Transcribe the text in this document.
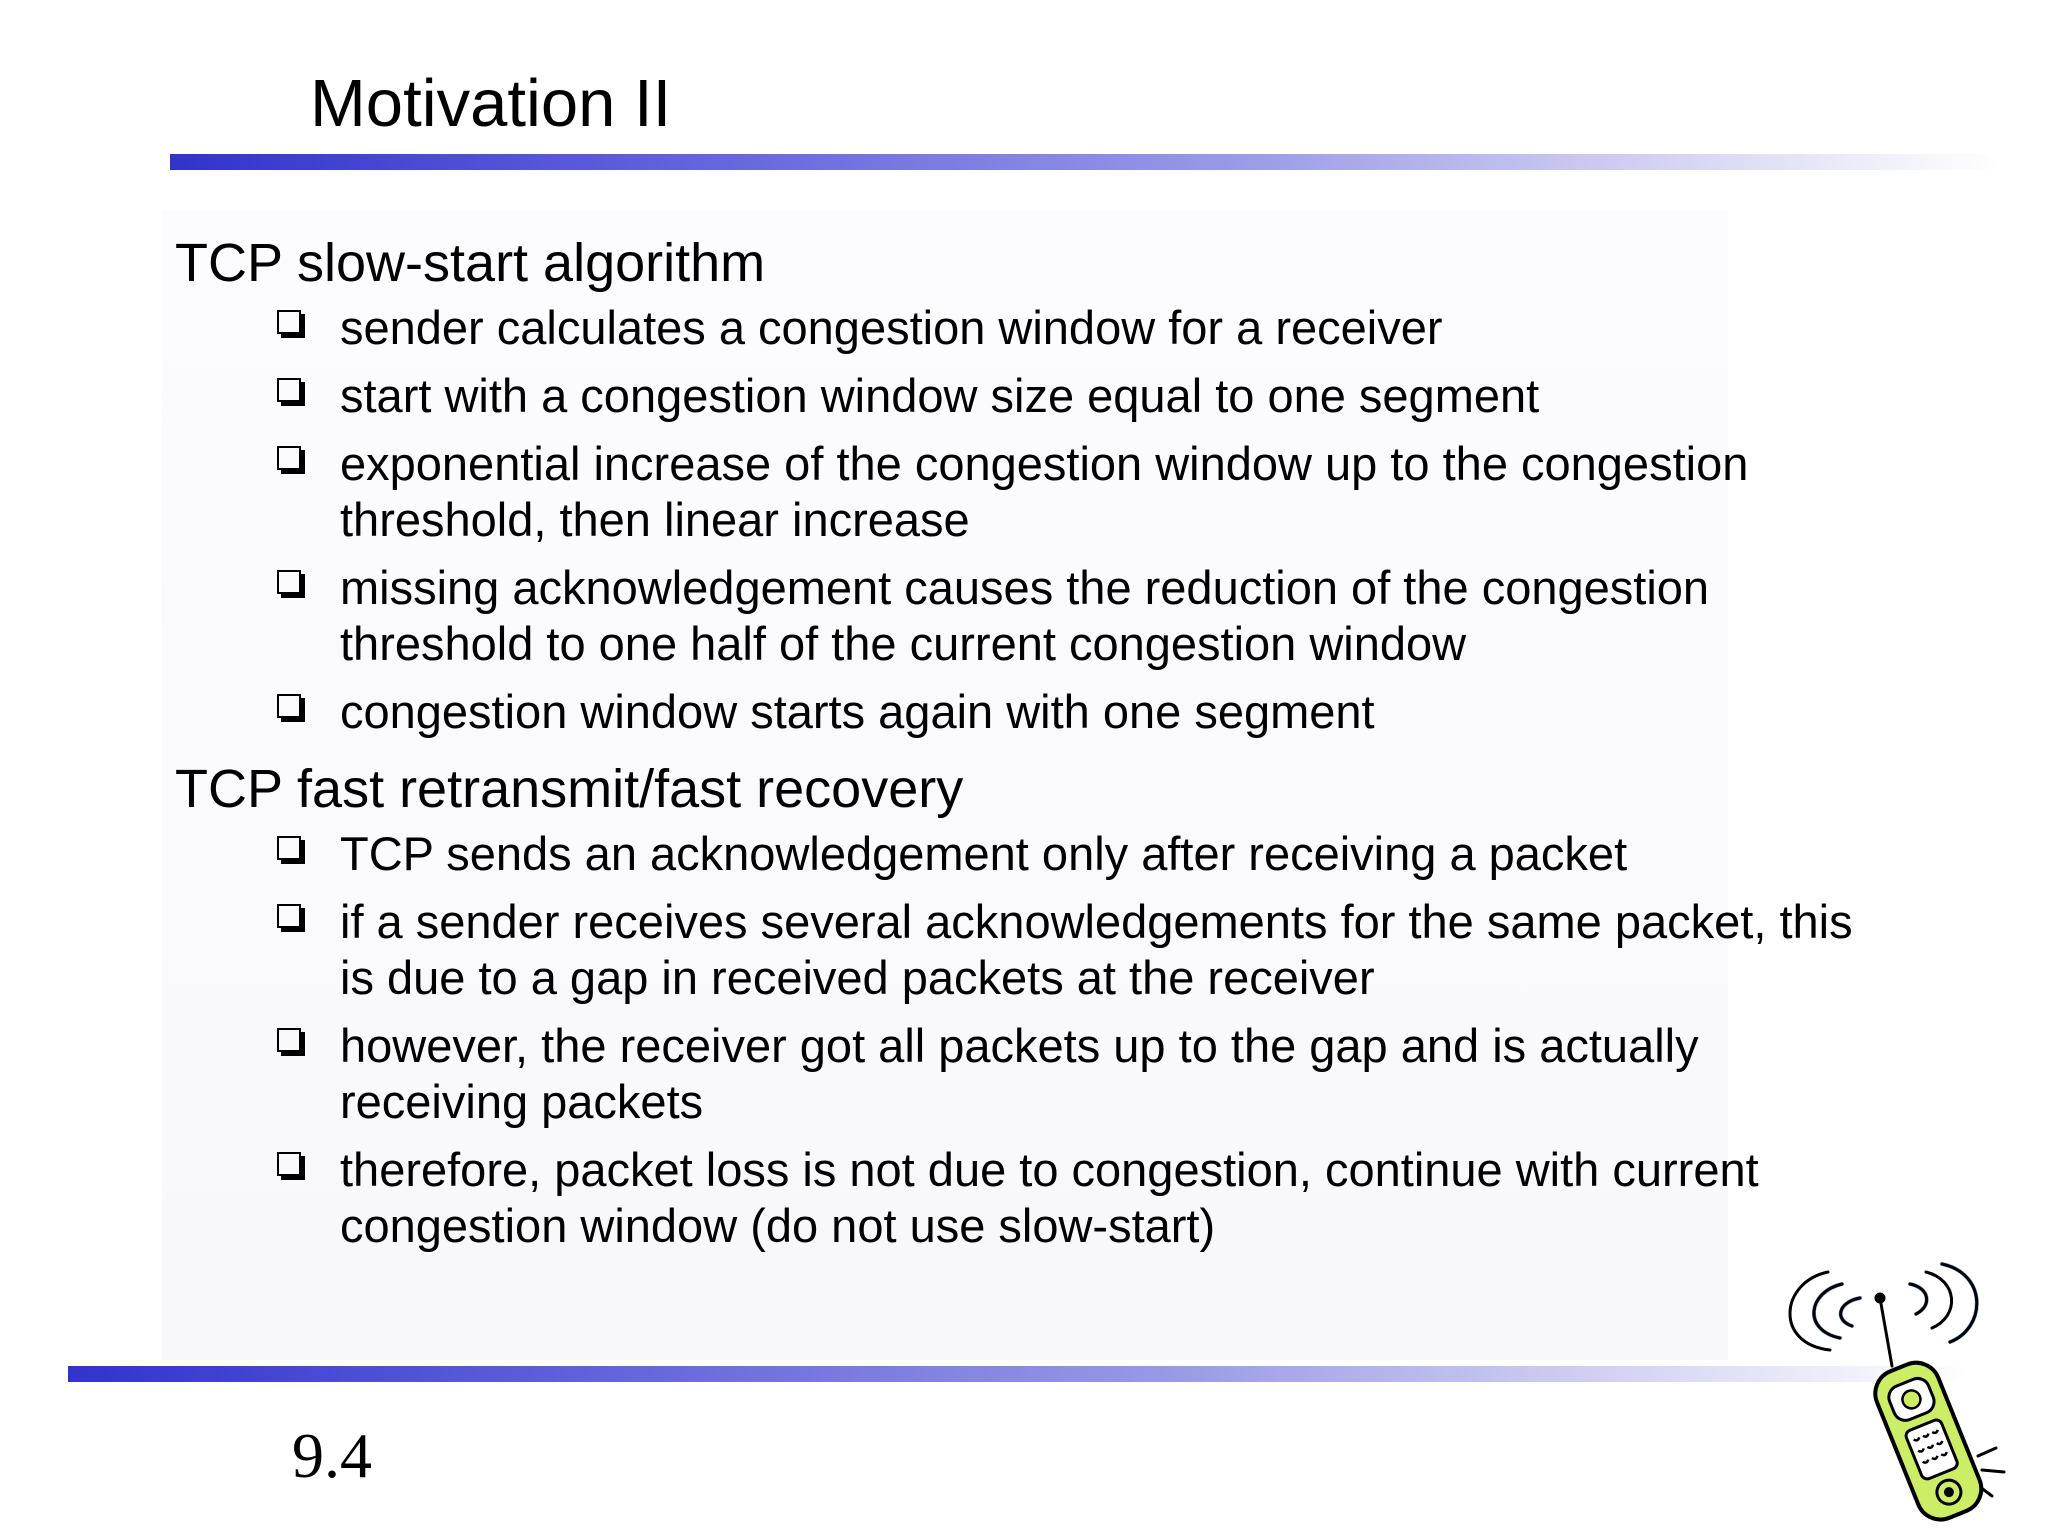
Motivation II

TCP slow-start algorithm

sender calculates a congestion window for a receiver
start with a congestion window size equal to one segment
exponential increase of the congestion window up to the congestion threshold, then linear increase
missing acknowledgement causes the reduction of the congestion threshold to one half of the current congestion window
congestion window starts again with one segment

TCP fast retransmit/fast recovery

TCP sends an acknowledgement only after receiving a packet
if a sender receives several acknowledgements for the same packet, this is due to a gap in received packets at the receiver
however, the receiver got all packets up to the gap and is actually receiving packets
therefore, packet loss is not due to congestion, continue with current congestion window (do not use slow-start)
9.4
